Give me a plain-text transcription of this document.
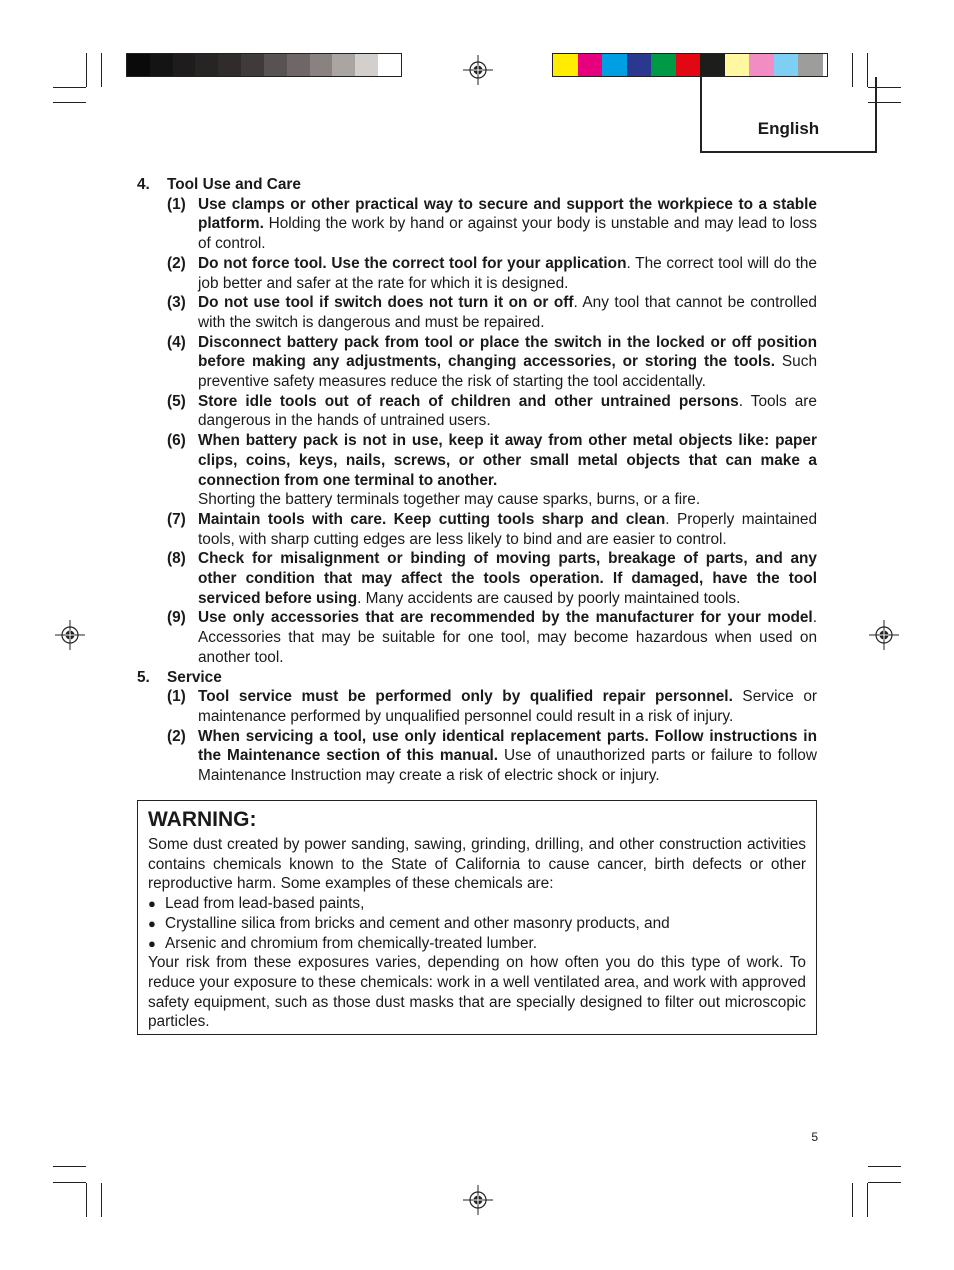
English
4. Tool Use and Care
(1) Use clamps or other practical way to secure and support the workpiece to a stable platform. Holding the work by hand or against your body is unstable and may lead to loss of control.
(2) Do not force tool. Use the correct tool for your application. The correct tool will do the job better and safer at the rate for which it is designed.
(3) Do not use tool if switch does not turn it on or off. Any tool that cannot be controlled with the switch is dangerous and must be repaired.
(4) Disconnect battery pack from tool or place the switch in the locked or off position before making any adjustments, changing accessories, or storing the tools. Such preventive safety measures reduce the risk of starting the tool accidentally.
(5) Store idle tools out of reach of children and other untrained persons. Tools are dangerous in the hands of untrained users.
(6) When battery pack is not in use, keep it away from other metal objects like: paper clips, coins, keys, nails, screws, or other small metal objects that can make a connection from one terminal to another.
Shorting the battery terminals together may cause sparks, burns, or a fire.
(7) Maintain tools with care. Keep cutting tools sharp and clean. Properly maintained tools, with sharp cutting edges are less likely to bind and are easier to control.
(8) Check for misalignment or binding of moving parts, breakage of parts, and any other condition that may affect the tools operation. If damaged, have the tool serviced before using. Many accidents are caused by poorly maintained tools.
(9) Use only accessories that are recommended by the manufacturer for your model. Accessories that may be suitable for one tool, may become hazardous when used on another tool.
5. Service
(1) Tool service must be performed only by qualified repair personnel. Service or maintenance performed by unqualified personnel could result in a risk of injury.
(2) When servicing a tool, use only identical replacement parts. Follow instructions in the Maintenance section of this manual. Use of unauthorized parts or failure to follow Maintenance Instruction may create a risk of electric shock or injury.
WARNING:

Some dust created by power sanding, sawing, grinding, drilling, and other construction activities contains chemicals known to the State of California to cause cancer, birth defects or other reproductive harm. Some examples of these chemicals are:

● Lead from lead-based paints,
● Crystalline silica from bricks and cement and other masonry products, and
● Arsenic and chromium from chemically-treated lumber.

Your risk from these exposures varies, depending on how often you do this type of work. To reduce your exposure to these chemicals: work in a well ventilated area, and work with approved safety equipment, such as those dust masks that are specially designed to filter out microscopic particles.

5
